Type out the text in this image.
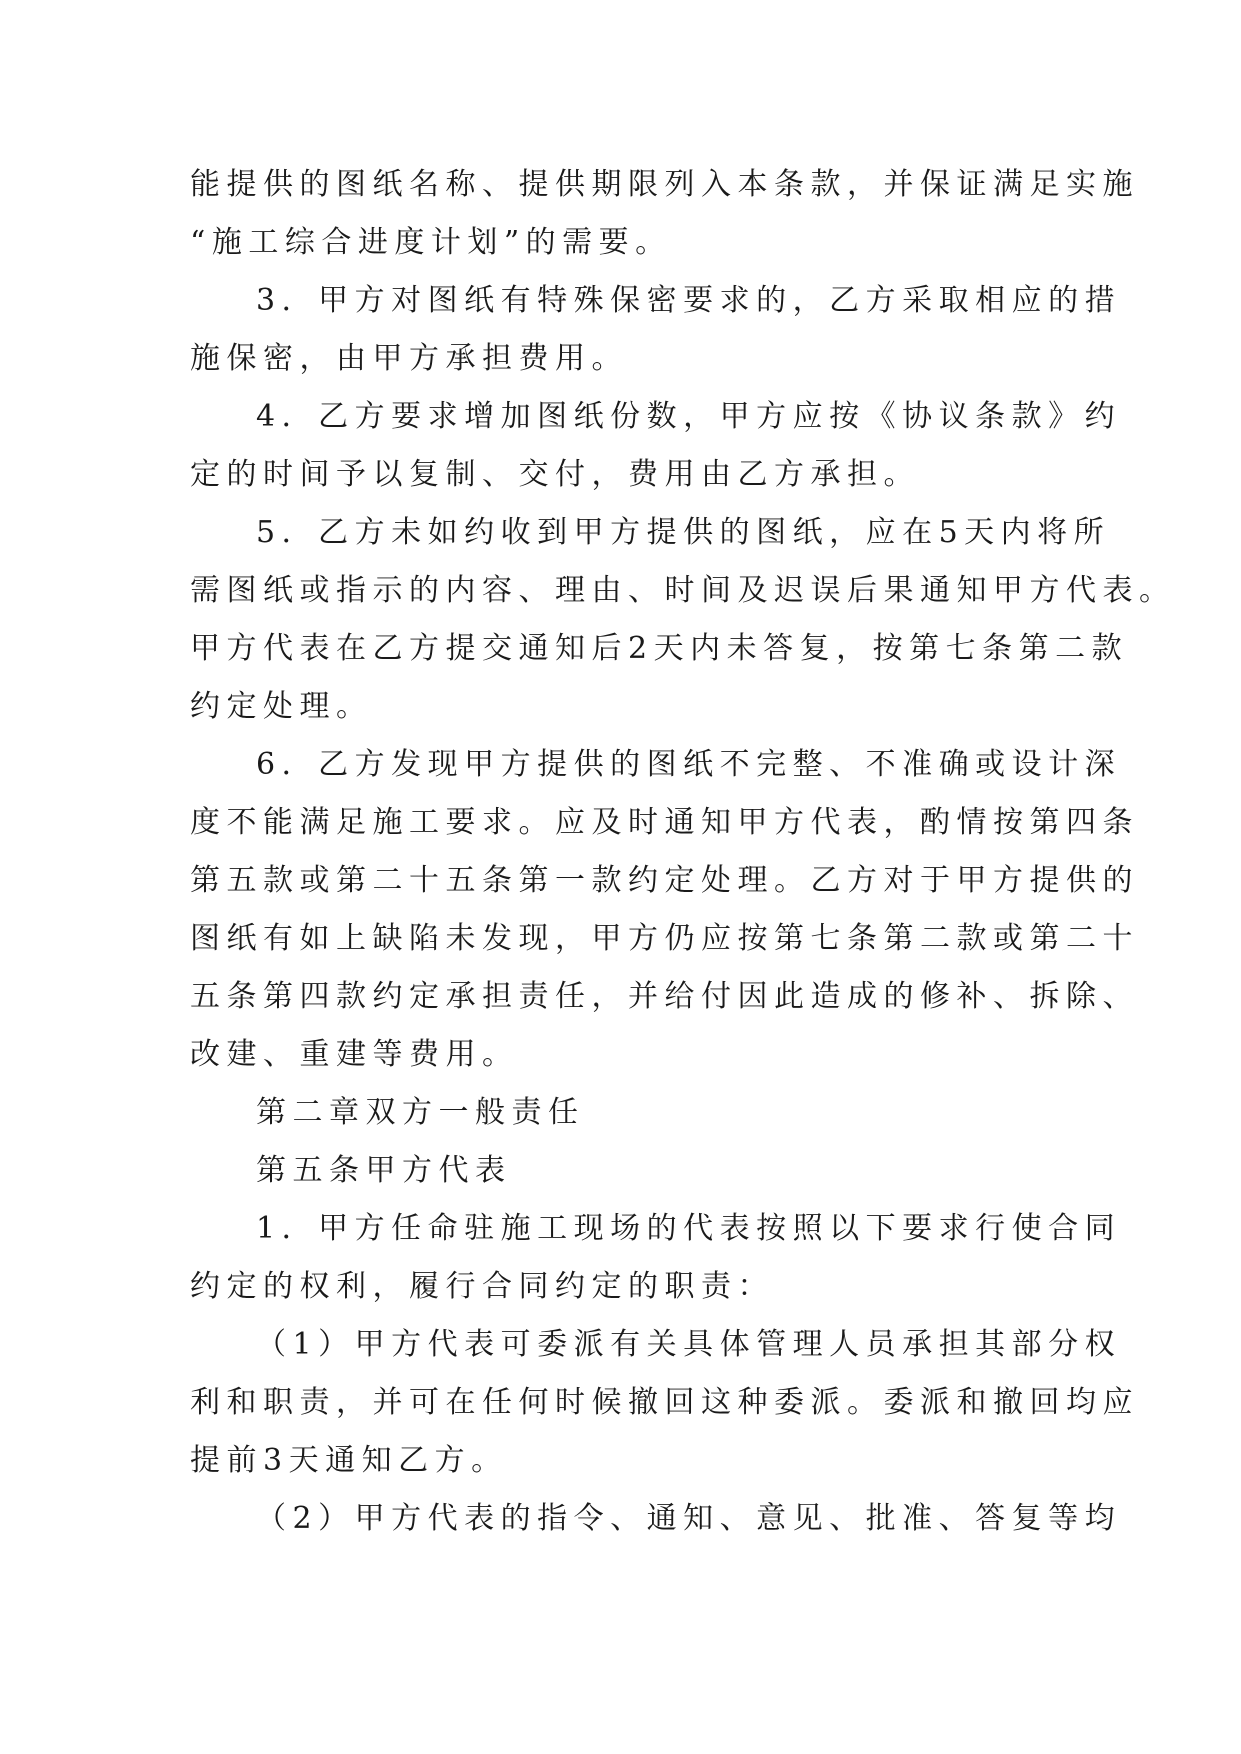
能提供的图纸名称、提供期限列入本条款，并保证满足实施
“施工综合进度计划”的需要。
3．甲方对图纸有特殊保密要求的，乙方采取相应的措
施保密，由甲方承担费用。
4．乙方要求增加图纸份数，甲方应按《协议条款》约
定的时间予以复制、交付，费用由乙方承担。
5．乙方未如约收到甲方提供的图纸，应在5天内将所
需图纸或指示的内容、理由、时间及迟误后果通知甲方代表。
甲方代表在乙方提交通知后2天内未答复，按第七条第二款
约定处理。
6．乙方发现甲方提供的图纸不完整、不准确或设计深
度不能满足施工要求。应及时通知甲方代表，酌情按第四条
第五款或第二十五条第一款约定处理。乙方对于甲方提供的
图纸有如上缺陷未发现，甲方仍应按第七条第二款或第二十
五条第四款约定承担责任，并给付因此造成的修补、拆除、
改建、重建等费用。
第二章双方一般责任
第五条甲方代表
1．甲方任命驻施工现场的代表按照以下要求行使合同
约定的权利，履行合同约定的职责：
（1）甲方代表可委派有关具体管理人员承担其部分权
利和职责，并可在任何时候撤回这种委派。委派和撤回均应
提前3天通知乙方。
（2）甲方代表的指令、通知、意见、批准、答复等均
